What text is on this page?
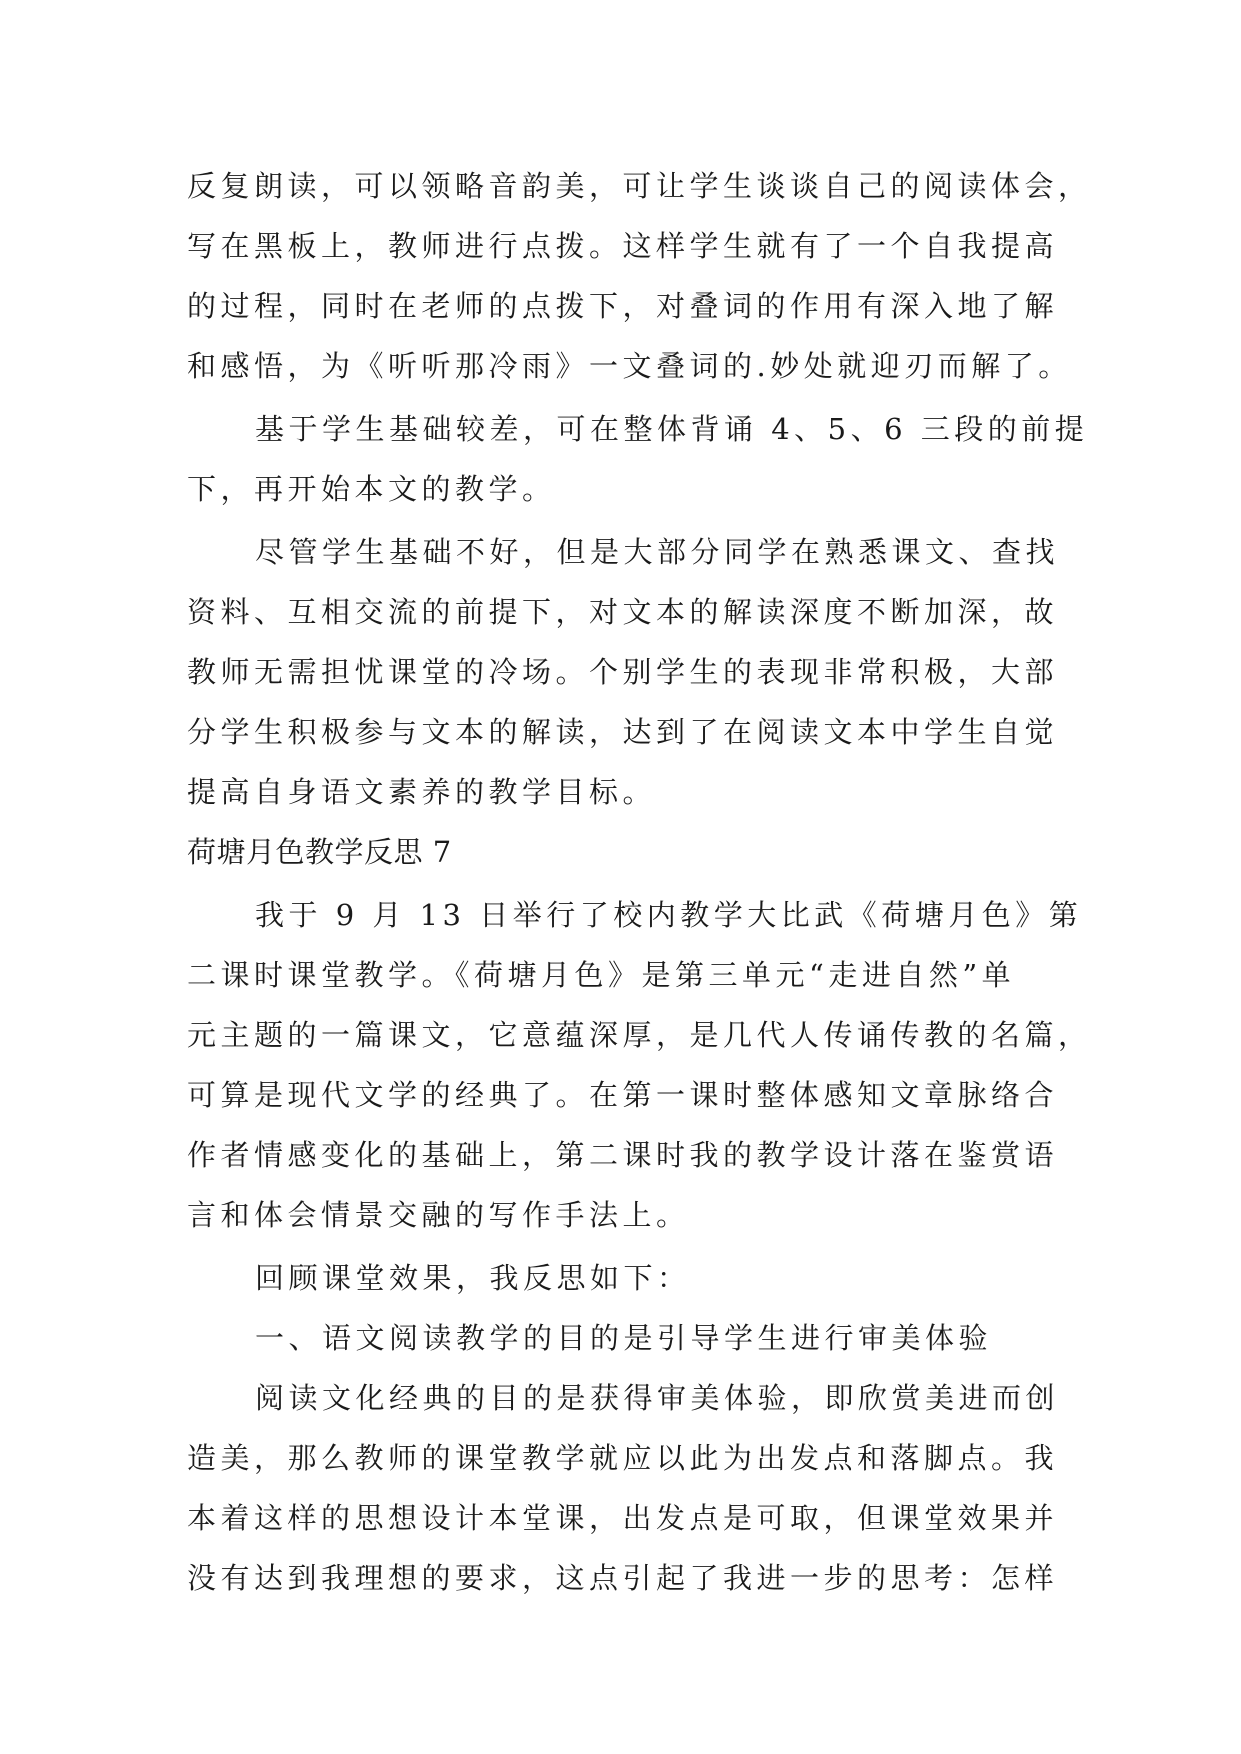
反复朗读，可以领略音韵美，可让学生谈谈自己的阅读体会，
写在黑板上，教师进行点拨。这样学生就有了一个自我提高
的过程，同时在老师的点拨下，对叠词的作用有深入地了解
和感悟，为《听听那冷雨》一文叠词的.妙处就迎刃而解了。
基于学生基础较差，可在整体背诵 4、5、6 三段的前提
下，再开始本文的教学。
尽管学生基础不好，但是大部分同学在熟悉课文、查找
资料、互相交流的前提下，对文本的解读深度不断加深，故
教师无需担忧课堂的冷场。个别学生的表现非常积极，大部
分学生积极参与文本的解读，达到了在阅读文本中学生自觉
提高自身语文素养的教学目标。
荷塘月色教学反思 7
我于 9 月 13 日举行了校内教学大比武《荷塘月色》第
二课时课堂教学。《荷塘月色》是第三单元“走进自然”单
元主题的一篇课文，它意蕴深厚，是几代人传诵传教的名篇，
可算是现代文学的经典了。在第一课时整体感知文章脉络合
作者情感变化的基础上，第二课时我的教学设计落在鉴赏语
言和体会情景交融的写作手法上。
回顾课堂效果，我反思如下：
一、语文阅读教学的目的是引导学生进行审美体验
阅读文化经典的目的是获得审美体验，即欣赏美进而创
造美，那么教师的课堂教学就应以此为出发点和落脚点。我
本着这样的思想设计本堂课，出发点是可取，但课堂效果并
没有达到我理想的要求，这点引起了我进一步的思考：怎样
